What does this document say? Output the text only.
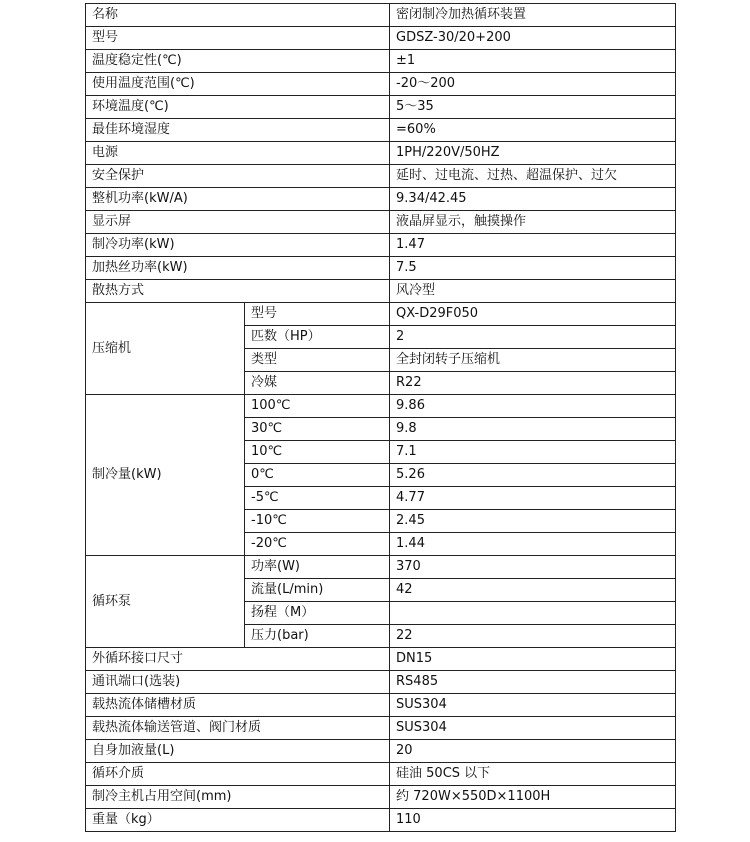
名称		密闭制冷加热循环装置
型号		GDSZ-30/20+200
温度稳定性(℃)		±1
使用温度范围(℃)		-20～200
环境温度(℃)		5～35
最佳环境湿度		=60%
电源		1PH/220V/50HZ
安全保护		延时、过电流、过热、超温保护、过欠
整机功率(kW/A)		9.34/42.45
显示屏		液晶屏显示，触摸操作
制冷功率(kW)		1.47
加热丝功率(kW)		7.5
散热方式		风冷型
压缩机	型号	QX-D29F050
	匹数（HP）	2
	类型	全封闭转子压缩机
	冷媒	R22
制冷量(kW)	100℃	9.86
	30℃	9.8
	10℃	7.1
	0℃	5.26
	-5℃	4.77
	-10℃	2.45
	-20℃	1.44
循环泵	功率(W)	370
	流量(L/min)	42
	扬程（M）	
	压力(bar)	22
外循环接口尺寸		DN15
通讯端口(选装)		RS485
载热流体储槽材质		SUS304
载热流体输送管道、阀门材质		SUS304
自身加液量(L)		20
循环介质		硅油 50CS 以下
制冷主机占用空间(mm)		约 720W×550D×1100H
重量（kg）		110
